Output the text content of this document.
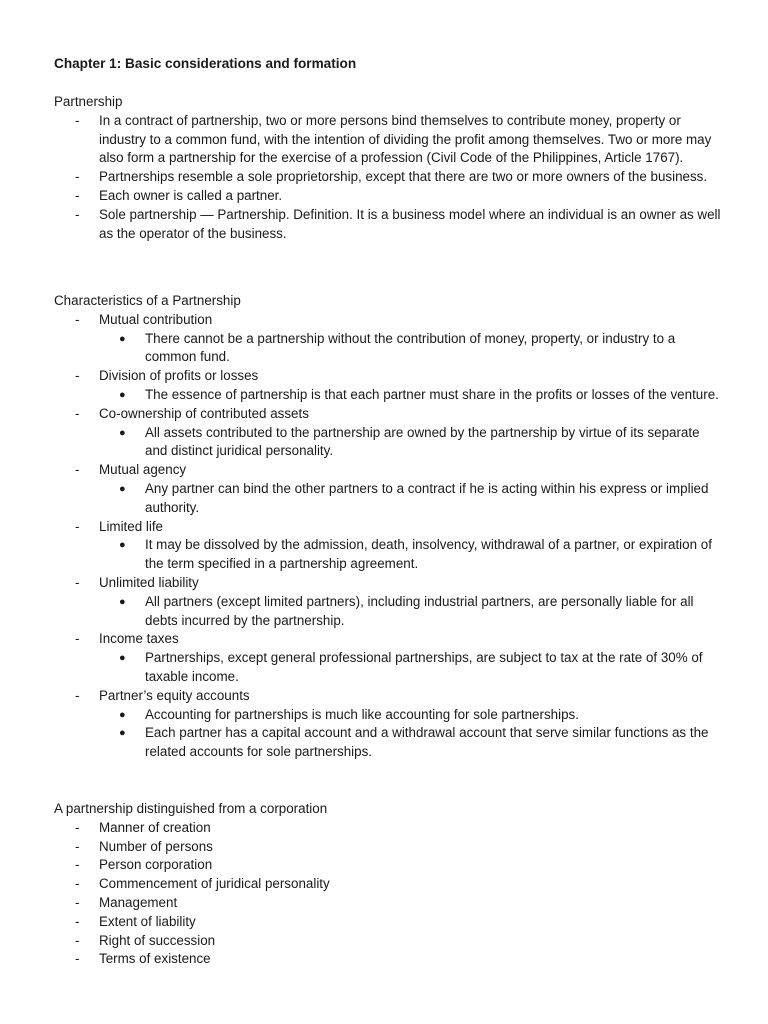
Chapter 1: Basic considerations and formation
Partnership
- In a contract of partnership, two or more persons bind themselves to contribute money, property or industry to a common fund, with the intention of dividing the profit among themselves. Two or more may also form a partnership for the exercise of a profession (Civil Code of the Philippines, Article 1767).
- Partnerships resemble a sole proprietorship, except that there are two or more owners of the business.
- Each owner is called a partner.
- Sole partnership — Partnership. Definition. It is a business model where an individual is an owner as well as the operator of the business.
Characteristics of a Partnership
- Mutual contribution
● There cannot be a partnership without the contribution of money, property, or industry to a common fund.
- Division of profits or losses
● The essence of partnership is that each partner must share in the profits or losses of the venture.
- Co-ownership of contributed assets
● All assets contributed to the partnership are owned by the partnership by virtue of its separate and distinct juridical personality.
- Mutual agency
● Any partner can bind the other partners to a contract if he is acting within his express or implied authority.
- Limited life
● It may be dissolved by the admission, death, insolvency, withdrawal of a partner, or expiration of the term specified in a partnership agreement.
- Unlimited liability
● All partners (except limited partners), including industrial partners, are personally liable for all debts incurred by the partnership.
- Income taxes
● Partnerships, except general professional partnerships, are subject to tax at the rate of 30% of taxable income.
- Partner’s equity accounts
● Accounting for partnerships is much like accounting for sole partnerships.
● Each partner has a capital account and a withdrawal account that serve similar functions as the related accounts for sole partnerships.
A partnership distinguished from a corporation
- Manner of creation
- Number of persons
- Person corporation
- Commencement of juridical personality
- Management
- Extent of liability
- Right of succession
- Terms of existence
